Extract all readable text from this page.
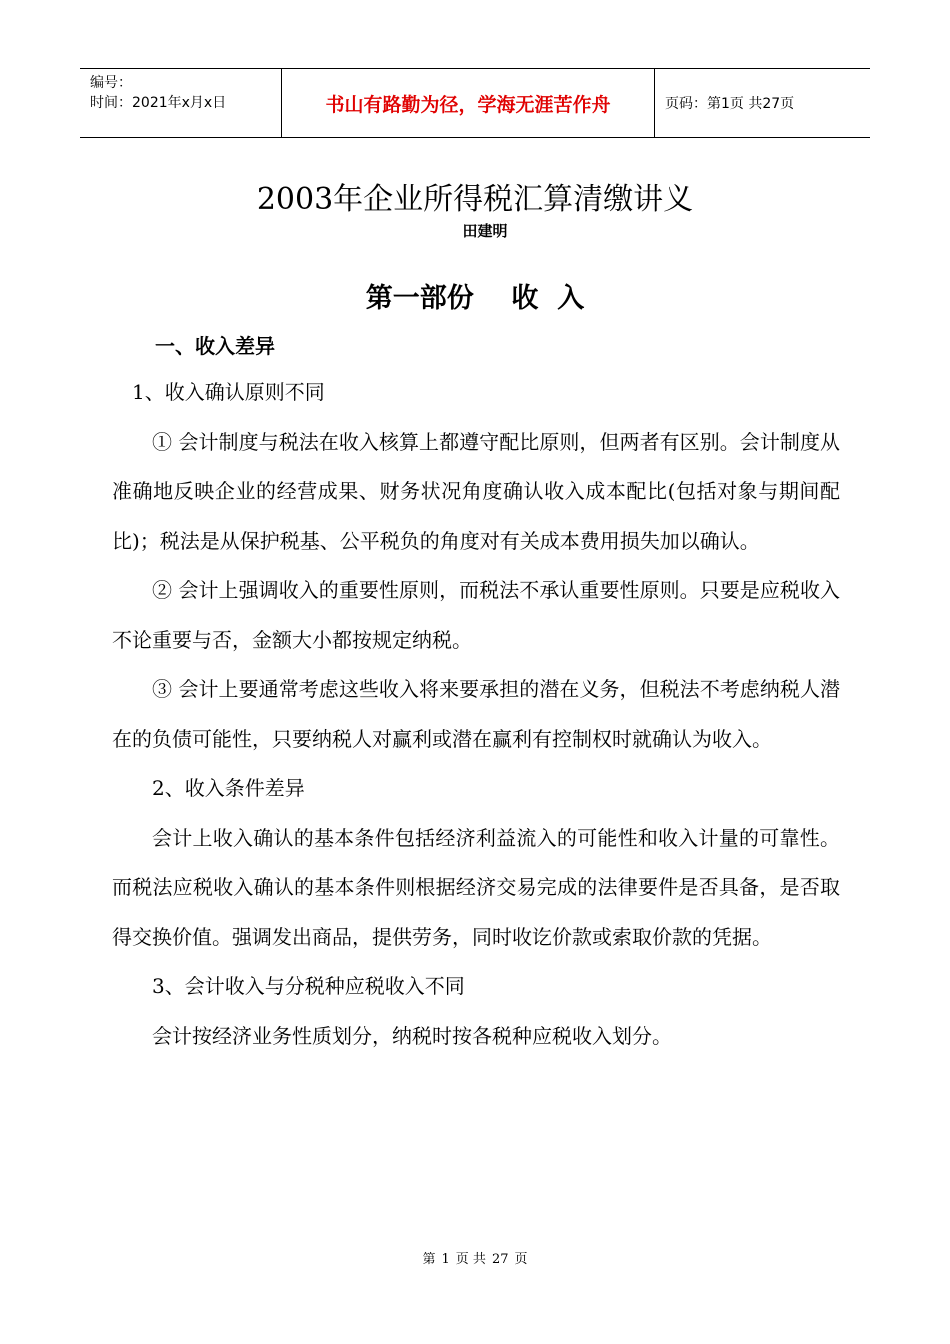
编号：
时间：2021年x月x日	书山有路勤为径，学海无涯苦作舟	页码：第1页 共27页
2003年企业所得税汇算清缴讲义
田建明
第一部份    收  入
一、收入差异

1、收入确认原则不同

① 会计制度与税法在收入核算上都遵守配比原则，但两者有区别。会计制度从准确地反映企业的经营成果、财务状况角度确认收入成本配比(包括对象与期间配比)；税法是从保护税基、公平税负的角度对有关成本费用损失加以确认。

② 会计上强调收入的重要性原则，而税法不承认重要性原则。只要是应税收入不论重要与否，金额大小都按规定纳税。

③ 会计上要通常考虑这些收入将来要承担的潜在义务，但税法不考虑纳税人潜在的负债可能性，只要纳税人对赢利或潜在赢利有控制权时就确认为收入。

2、收入条件差异

会计上收入确认的基本条件包括经济利益流入的可能性和收入计量的可靠性。而税法应税收入确认的基本条件则根据经济交易完成的法律要件是否具备，是否取得交换价值。强调发出商品，提供劳务，同时收讫价款或索取价款的凭据。

3、会计收入与分税种应税收入不同

会计按经济业务性质划分，纳税时按各税种应税收入划分。

第 1 页 共 27 页
